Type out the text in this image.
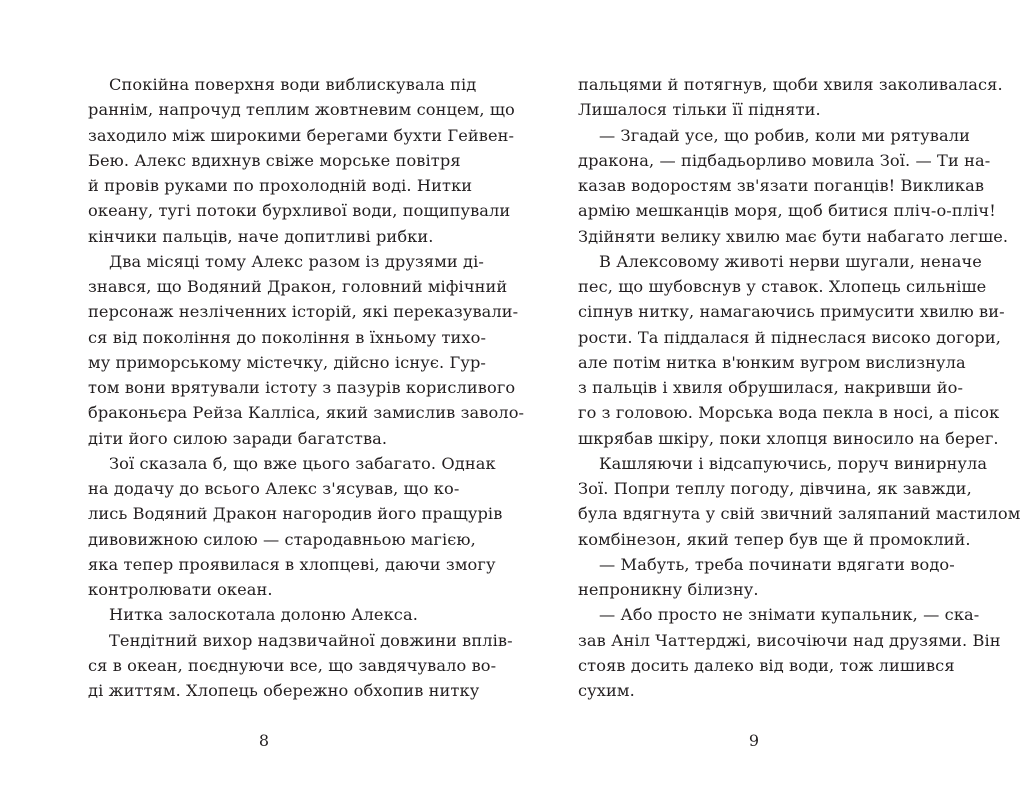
Спокійна поверхня води виблискувала під
раннім, напрочуд теплим жовтневим сонцем, що
заходило між широкими берегами бухти Гейвен-
Бею. Алекс вдихнув свіже морське повітря
й провів руками по прохолодній воді. Нитки
океану, тугі потоки бурхливої води, пощипували
кінчики пальців, наче допитливі рибки.
Два місяці тому Алекс разом із друзями ді-
знався, що Водяний Дракон, головний міфічний
персонаж незліченних історій, які переказували-
ся від покоління до покоління в їхньому тихо-
му приморському містечку, дійсно існує. Гур-
том вони врятували істоту з пазурів корисливого
браконьєра Рейза Калліса, який замислив заволо-
діти його силою заради багатства.
Зої сказала б, що вже цього забагато. Однак
на додачу до всього Алекс з'ясував, що ко-
лись Водяний Дракон нагородив його пращурів
дивовижною силою — стародавньою магією,
яка тепер проявилася в хлопцеві, даючи змогу
контролювати океан.
Нитка залоскотала долоню Алекса.
Тендітний вихор надзвичайної довжини вплів-
ся в океан, поєднуючи все, що завдячувало во-
ді життям. Хлопець обережно обхопив нитку
пальцями й потягнув, щоби хвиля заколивалася.
Лишалося тільки її підняти.
— Згадай усе, що робив, коли ми рятували
дракона, — підбадьорливо мовила Зої. — Ти на-
казав водоростям зв'язати поганців! Викликав
армію мешканців моря, щоб битися пліч-о-пліч!
Здійняти велику хвилю має бути набагато легше.
В Алексовому животі нерви шугали, неначе
пес, що шубовснув у ставок. Хлопець сильніше
сіпнув нитку, намагаючись примусити хвилю ви-
рости. Та піддалася й піднеслася високо догори,
але потім нитка в'юнким вугром вислизнула
з пальців і хвиля обрушилася, накривши йо-
го з головою. Морська вода пекла в носі, а пісок
шкрябав шкіру, поки хлопця виносило на берег.
Кашляючи і відсапуючись, поруч винирнула
Зої. Попри теплу погоду, дівчина, як завжди,
була вдягнута у свій звичний заляпаний мастилом
комбінезон, який тепер був ще й промоклий.
— Мабуть, треба починати вдягати водо-
непроникну білизну.
— Або просто не знімати купальник, — ска-
зав Аніл Чаттерджі, височіючи над друзями. Він
стояв досить далеко від води, тож лишився
сухим.
8	9
